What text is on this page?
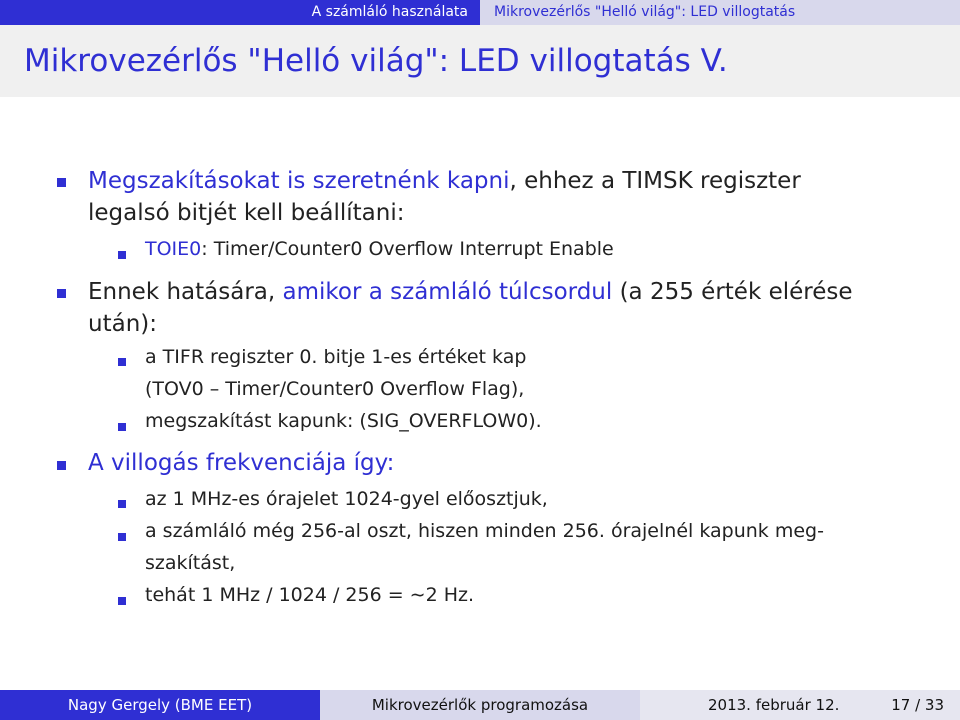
A számláló használata	Mikrovezérlős "Helló világ": LED villogtatás
Mikrovezérlős "Helló világ": LED villogtatás V.
Megszakításokat is szeretnénk kapni, ehhez a TIMSK regiszter
legalsó bitjét kell beállítani:
TOIE0: Timer/Counter0 Overflow Interrupt Enable
Ennek hatására, amikor a számláló túlcsordul (a 255 érték elérése
után):
a TIFR regiszter 0. bitje 1-es értéket kap
(TOV0 – Timer/Counter0 Overflow Flag),
megszakítást kapunk: (SIG_OVERFLOW0).
A villogás frekvenciája így:
az 1 MHz-es órajelet 1024-gyel előosztjuk,
a számláló még 256-al oszt, hiszen minden 256. órajelnél kapunk meg-
szakítást,
tehát 1 MHz / 1024 / 256 = ∼2 Hz.
Nagy Gergely (BME EET)	Mikrovezérlők programozása	2013. február 12.	17 / 33
